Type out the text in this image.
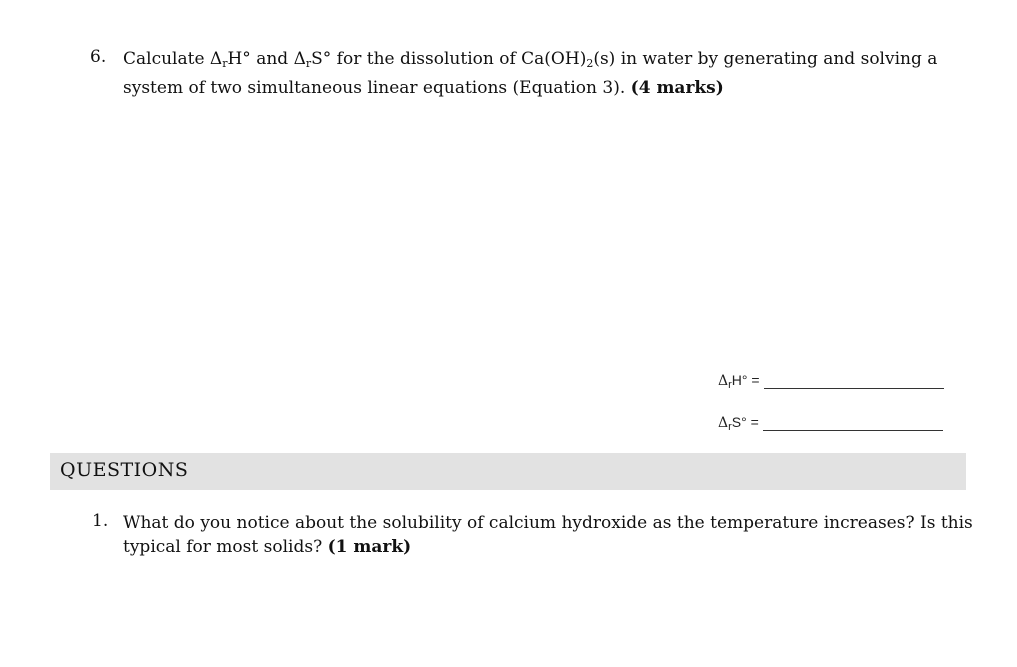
6. Calculate $\Delta_rH^\circ$ and $\Delta_rS^\circ$ for the dissolution of $Ca(OH)_2(s)$ in water by generating and solving a system of two simultaneous linear equations (Equation 3). (4 marks)
$\Delta_rH^\circ$ =
$\Delta_rS^\circ$ =
QUESTIONS
1. What do you notice about the solubility of calcium hydroxide as the temperature increases? Is this typical for most solids? (1 mark)
